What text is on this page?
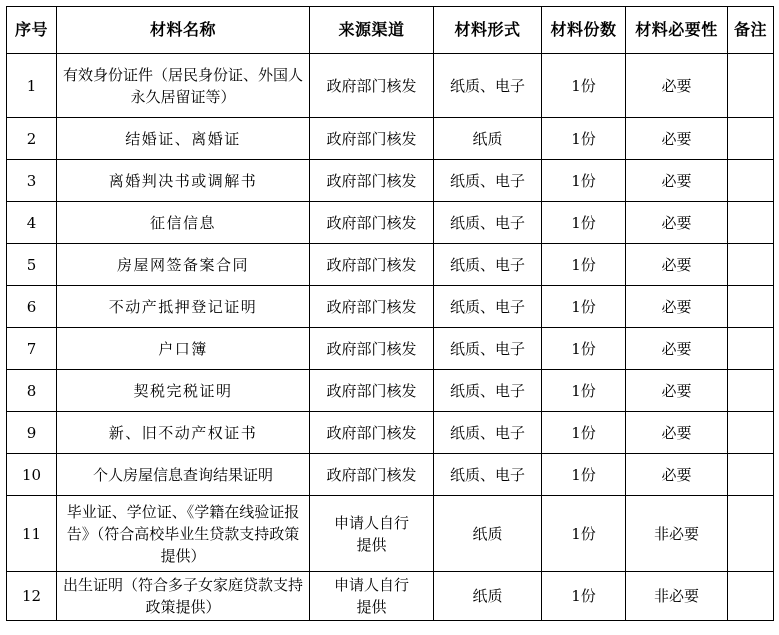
序号	材料名称	来源渠道	材料形式	材料份数	材料必要性	备注
1	有效身份证件（居民身份证、外国人永久居留证等）	政府部门核发	纸质、电子	1份	必要	
2	结婚证、离婚证	政府部门核发	纸质	1份	必要	
3	离婚判决书或调解书	政府部门核发	纸质、电子	1份	必要	
4	征信信息	政府部门核发	纸质、电子	1份	必要	
5	房屋网签备案合同	政府部门核发	纸质、电子	1份	必要	
6	不动产抵押登记证明	政府部门核发	纸质、电子	1份	必要	
7	户口簿	政府部门核发	纸质、电子	1份	必要	
8	契税完税证明	政府部门核发	纸质、电子	1份	必要	
9	新、旧不动产权证书	政府部门核发	纸质、电子	1份	必要	
10	个人房屋信息查询结果证明	政府部门核发	纸质、电子	1份	必要	
11	毕业证、学位证、《学籍在线验证报告》（符合高校毕业生贷款支持政策提供）	申请人自行提供	纸质	1份	非必要	
12	出生证明（符合多子女家庭贷款支持政策提供）	申请人自行提供	纸质	1份	非必要	
